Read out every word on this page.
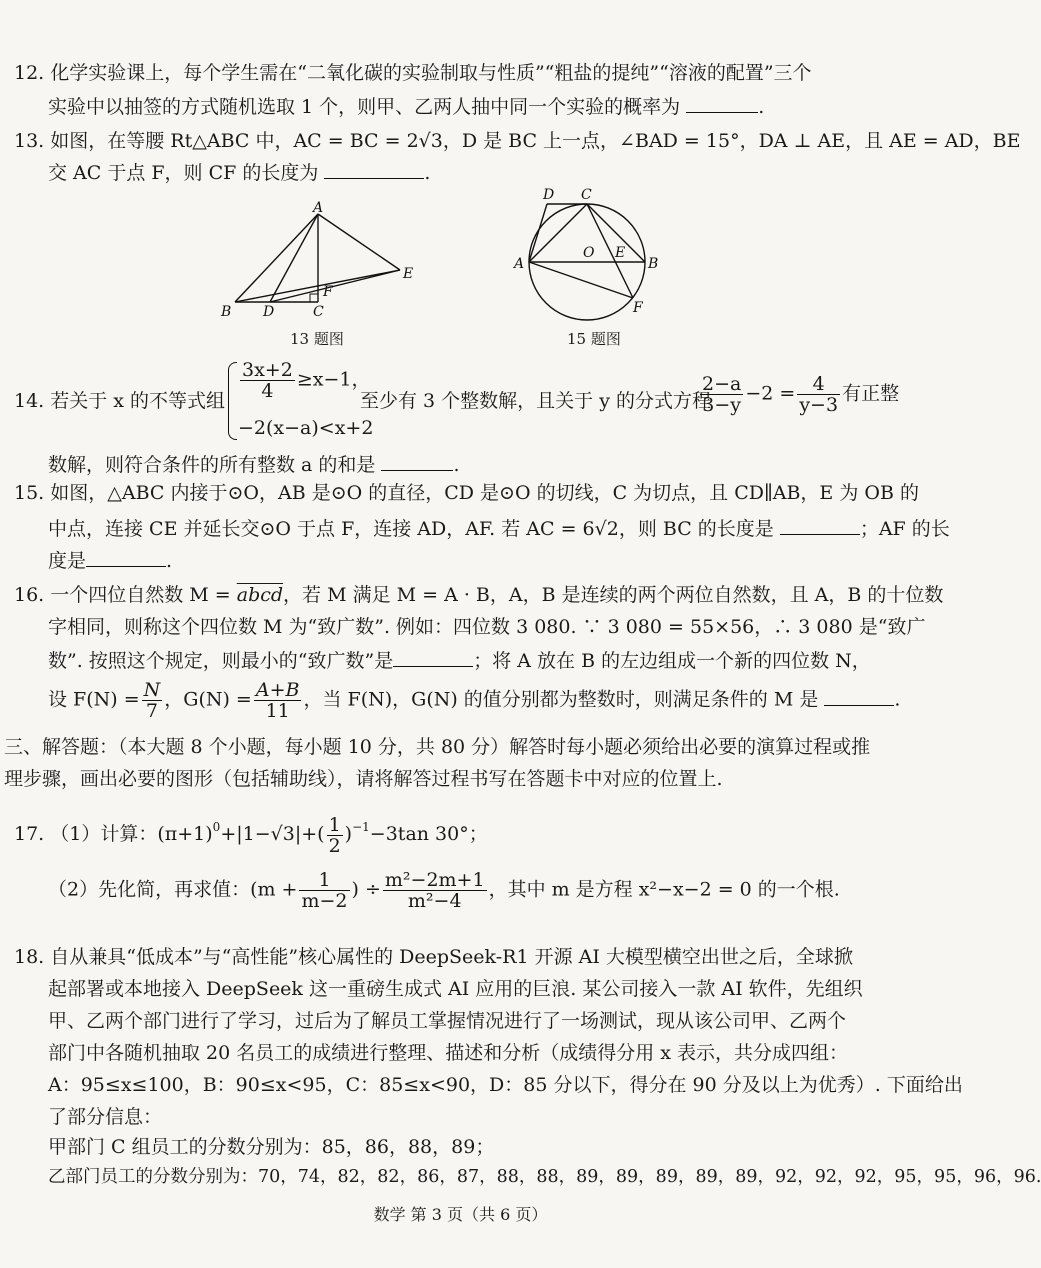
12. 化学实验课上，每个学生需在“二氧化碳的实验制取与性质”“粗盐的提纯”“溶液的配置”三个
实验中以抽签的方式随机选取 1 个，则甲、乙两人抽中同一个实验的概率为	.
13. 如图，在等腰 Rt△ABC 中，AC = BC = 2√3，D 是 BC 上一点，∠BAD = 15°，DA ⊥ AE，且 AE = AD，BE
交 AC 于点 F，则 CF 的长度为	.
A
B D	C
F
E
13 题图
D C
A
O E
B
F
15 题图
14. 若关于 x 的不等式组 $\frac{3x+2}{4} \ge x-1$，
−2(x−a)<x+2
至少有 3 个整数解，且关于 y 的分式方程
$\frac{2-a}{3-y} -2 = \frac{4}{y-3}$ 有正整
数解，则符合条件的所有整数 a 的和是	.
15. 如图，△ABC 内接于⊙O，AB 是⊙O 的直径，CD 是⊙O 的切线，C 为切点，且 CD∥AB，E 为 OB 的
中点，连接 CE 并延长交⊙O 于点 F，连接 AD，AF. 若 AC = 6√2，则 BC 的长度是	；AF 的长
度是	.
16. 一个四位自然数 M = abcd，若 M 满足 M = A · B，A，B 是连续的两个两位自然数，且 A，B 的十位数
字相同，则称这个四位数 M 为“致广数”. 例如：四位数 3 080. ∵ 3 080 = 55×56，∴ 3 080 是“致广
数”. 按照这个规定，则最小的“致广数”是	；将 A 放在 B 的左边组成一个新的四位数 N，
设 $F(N) = \frac{N}{7}$ ，$G(N) = \frac{A+B}{11}$ ，当 F(N)，G(N) 的值分别都为整数时，则满足条件的 M 是	.
三、解答题：（本大题 8 个小题，每小题 10 分，共 80 分）解答时每小题必须给出必要的演算过程或推
理步骤，画出必要的图形（包括辅助线），请将解答过程书写在答题卡中对应的位置上.
17. （1）计算：$(\pi+1)^0+|1-√3|+( \frac{1}{2} )^{-1}-3\tan$ 30°；
（2）先化简，再求值：($m + \frac{1}{m-2}$ ) ÷ $\frac{\text{m²−2m+1}}{\text{m²−4}}$ ，其中 m 是方程 x²−x−2 = 0 的一个根.
18. 自从兼具“低成本”与“高性能”核心属性的 DeepSeek-R1 开源 AI 大模型横空出世之后，全球掀
起部署或本地接入 DeepSeek 这一重磅生成式 AI 应用的巨浪. 某公司接入一款 AI 软件，先组织
甲、乙两个部门进行了学习，过后为了解员工掌握情况进行了一场测试，现从该公司甲、乙两个
部门中各随机抽取 20 名员工的成绩进行整理、描述和分析（成绩得分用 x 表示，共分成四组：
A：95≤x≤100，B：90≤x<95，C：85≤x<90，D：85 分以下，得分在 90 分及以上为优秀）. 下面给出
了部分信息：
甲部门 C 组员工的分数分别为：85，86，88，89；
乙部门员工的分数分别为：70，74，82，82，86，87，88，88，89，89，89，89，89，92，92，92，95，95，96，96.
数学 第 3 页（共 6 页）
